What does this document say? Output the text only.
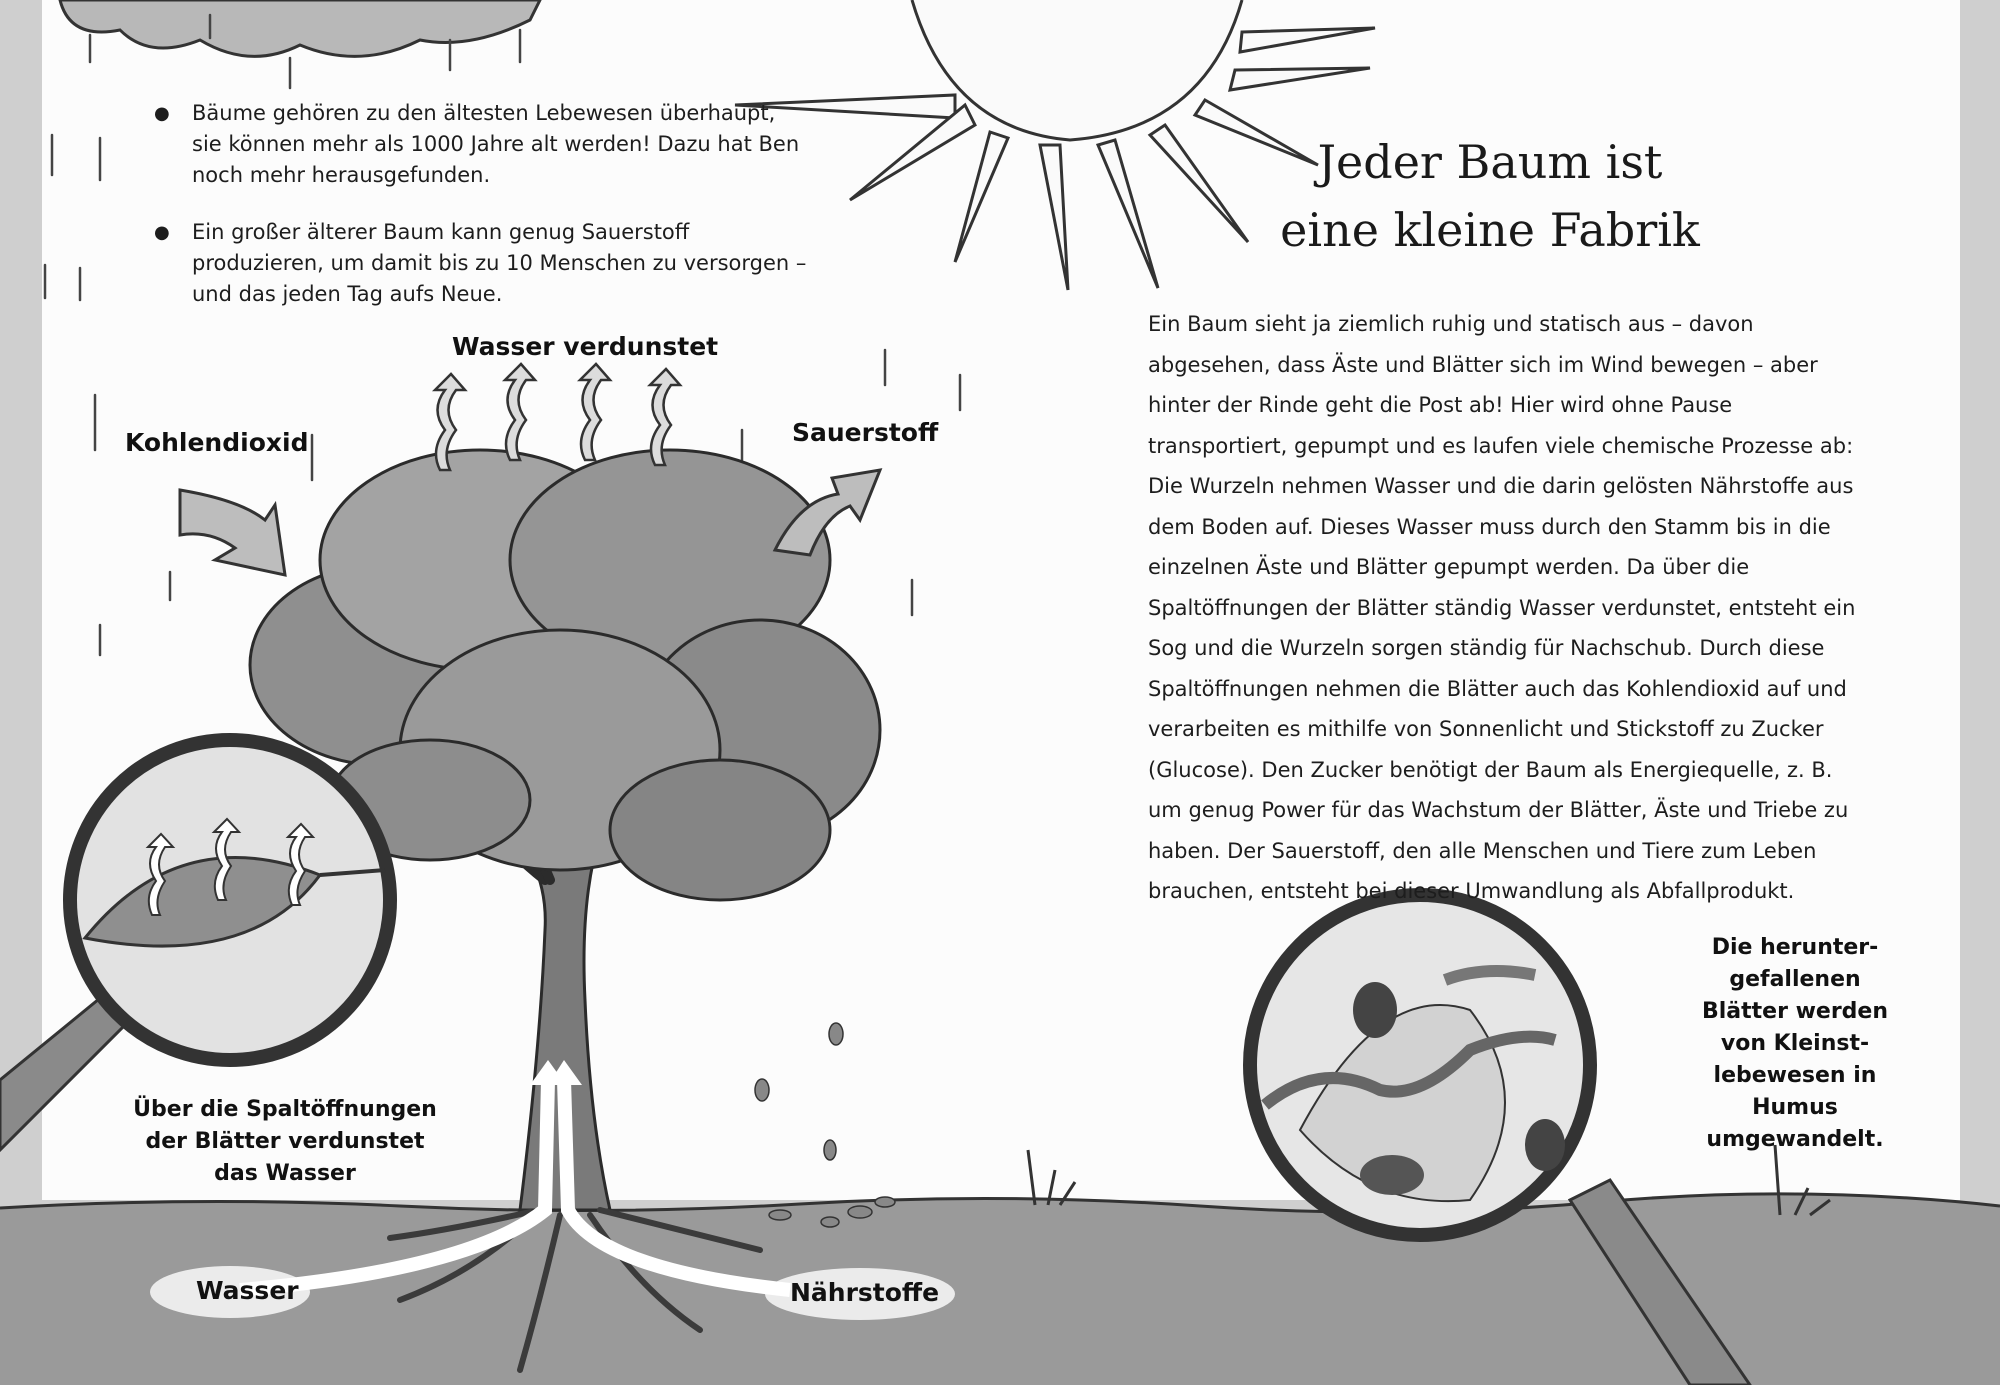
● Bäume gehören zu den ältesten Lebewesen überhaupt, sie können mehr als 1000 Jahre alt werden! Dazu hat Ben noch mehr herausgefunden.
● Ein großer älterer Baum kann genug Sauerstoff produzieren, um damit bis zu 10 Menschen zu versorgen – und das jeden Tag aufs Neue.
Jeder Baum ist
eine kleine Fabrik
Ein Baum sieht ja ziemlich ruhig und statisch aus – davon abgesehen, dass Äste und Blätter sich im Wind bewegen – aber hinter der Rinde geht die Post ab! Hier wird ohne Pause transportiert, gepumpt und es laufen viele chemische Prozesse ab: Die Wurzeln nehmen Wasser und die darin gelösten Nährstoffe aus dem Boden auf. Dieses Wasser muss durch den Stamm bis in die einzelnen Äste und Blätter gepumpt werden. Da über die Spaltöffnungen der Blätter ständig Wasser verdunstet, entsteht ein Sog und die Wurzeln sorgen ständig für Nachschub. Durch diese Spaltöffnungen nehmen die Blätter auch das Kohlendioxid auf und verarbeiten es mithilfe von Sonnenlicht und Stickstoff zu Zucker (Glucose). Den Zucker benötigt der Baum als Energiequelle, z. B. um genug Power für das Wachstum der Blätter, Äste und Triebe zu haben. Der Sauerstoff, den alle Menschen und Tiere zum Leben brauchen, entsteht bei dieser Umwandlung als Abfallprodukt.
Wasser verdunstet
Kohlendioxid	Sauerstoff
Wasser	Nährstoffe
Über die Spaltöffnungen der Blätter verdunstet das Wasser
Die herunter-gefallenen Blätter werden von Kleinst-lebewesen in Humus umgewandelt.
